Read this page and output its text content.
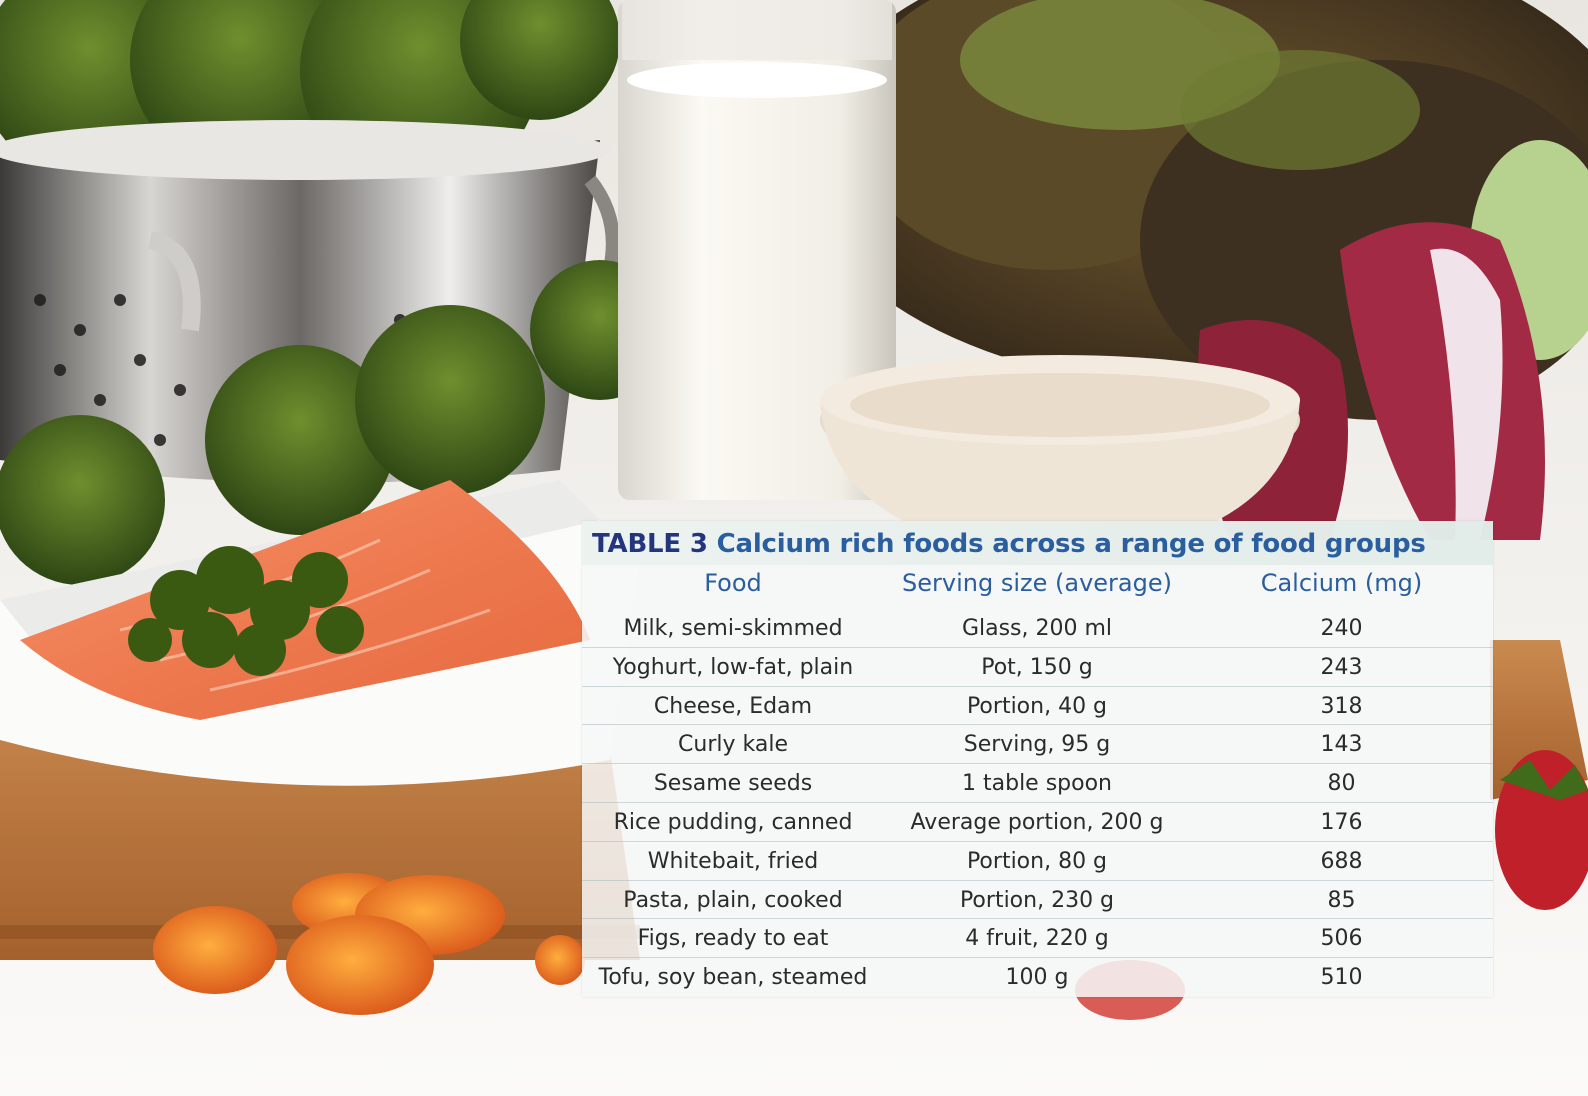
TABLE 3 Calcium rich foods across a range of food groups
Food	Serving size (average)	Calcium (mg)
Milk, semi-skimmed	Glass, 200 ml	240
Yoghurt, low-fat, plain	Pot, 150 g	243
Cheese, Edam	Portion, 40 g	318
Curly kale	Serving, 95 g	143
Sesame seeds	1 table spoon	80
Rice pudding, canned	Average portion, 200 g	176
Whitebait, fried	Portion, 80 g	688
Pasta, plain, cooked	Portion, 230 g	85
Figs, ready to eat	4 fruit, 220 g	506
Tofu, soy bean, steamed	100 g	510
